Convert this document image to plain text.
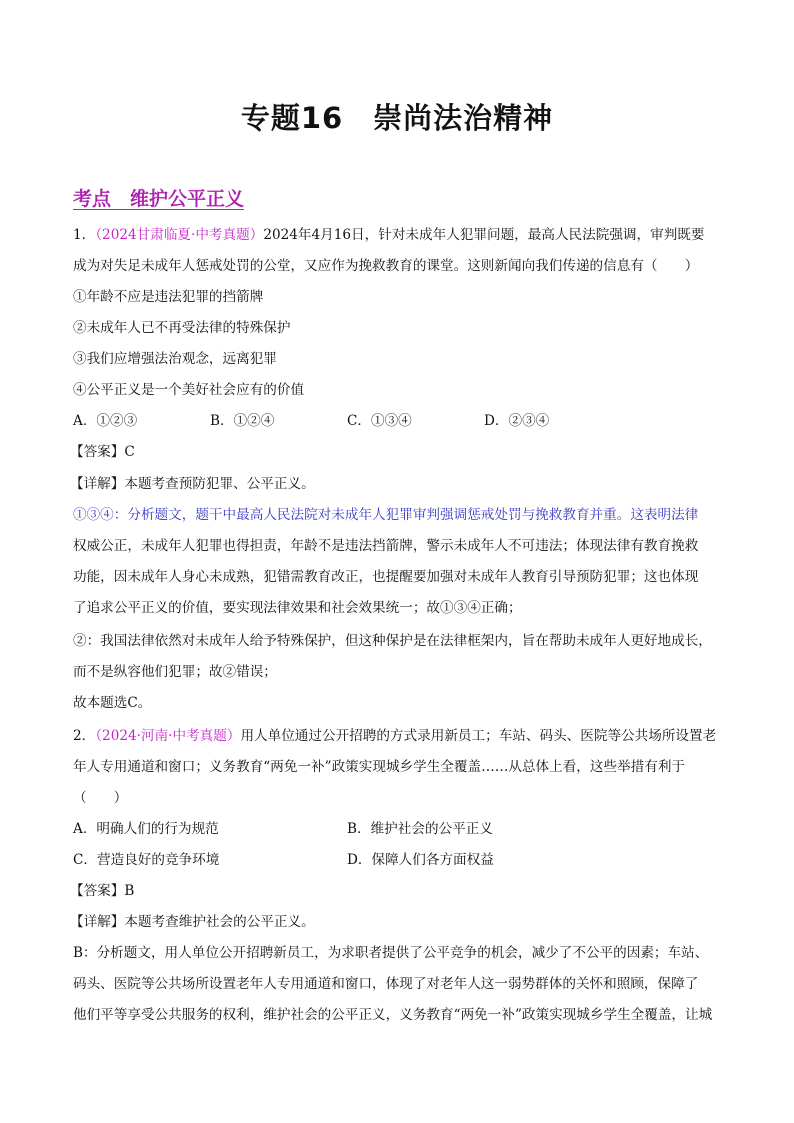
专题16　崇尚法治精神
考点　维护公平正义
1．（2024甘肃临夏·中考真题）2024年4月16日，针对未成年人犯罪问题，最高人民法院强调，审判既要
成为对失足未成年人惩戒处罚的公堂，又应作为挽救教育的课堂。这则新闻向我们传递的信息有（　　）
①年龄不应是违法犯罪的挡箭牌
②未成年人已不再受法律的特殊保护
③我们应增强法治观念，远离犯罪
④公平正义是一个美好社会应有的价值
A．①②③	B．①②④	C．①③④	D．②③④
【答案】C
【详解】本题考查预防犯罪、公平正义。
①③④：分析题文，题干中最高人民法院对未成年人犯罪审判强调惩戒处罚与挽救教育并重。这表明法律
权威公正，未成年人犯罪也得担责，年龄不是违法挡箭牌，警示未成年人不可违法；体现法律有教育挽救
功能，因未成年人身心未成熟，犯错需教育改正，也提醒要加强对未成年人教育引导预防犯罪；这也体现
了追求公平正义的价值，要实现法律效果和社会效果统一；故①③④正确；
②：我国法律依然对未成年人给予特殊保护，但这种保护是在法律框架内，旨在帮助未成年人更好地成长，
而不是纵容他们犯罪；故②错误；
故本题选C。
2．（2024·河南·中考真题）用人单位通过公开招聘的方式录用新员工；车站、码头、医院等公共场所设置老
年人专用通道和窗口；义务教育“两免一补”政策实现城乡学生全覆盖……从总体上看，这些举措有利于
（　　）
A．明确人们的行为规范	B．维护社会的公平正义
C．营造良好的竞争环境	D．保障人们各方面权益
【答案】B
【详解】本题考查维护社会的公平正义。
B：分析题文，用人单位公开招聘新员工，为求职者提供了公平竞争的机会，减少了不公平的因素；车站、
码头、医院等公共场所设置老年人专用通道和窗口，体现了对老年人这一弱势群体的关怀和照顾，保障了
他们平等享受公共服务的权利，维护社会的公平正义，义务教育“两免一补”政策实现城乡学生全覆盖，让城
